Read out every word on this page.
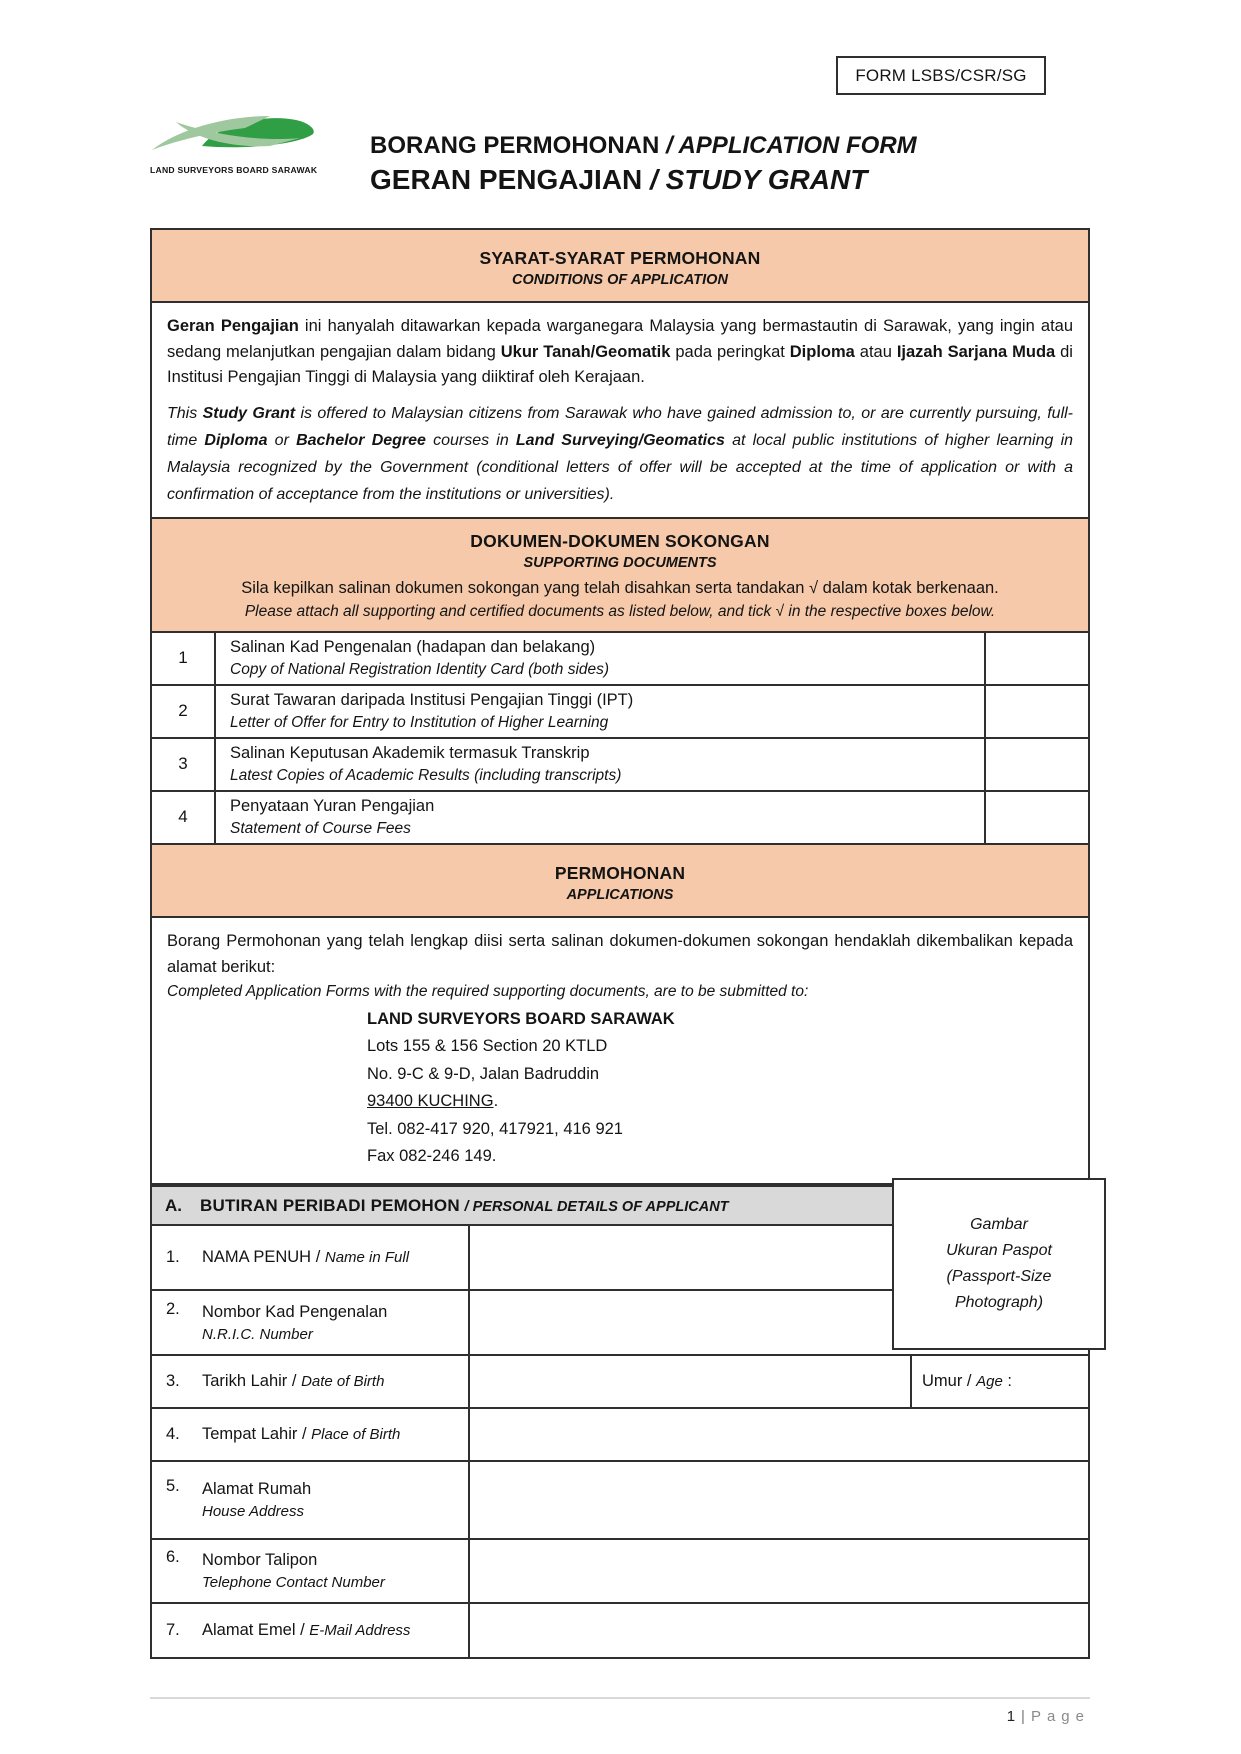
FORM LSBS/CSR/SG
LAND SURVEYORS BOARD SARAWAK
BORANG PERMOHONAN / APPLICATION FORM
GERAN PENGAJIAN / STUDY GRANT
SYARAT-SYARAT PERMOHONAN
CONDITIONS OF APPLICATION

Geran Pengajian ini hanyalah ditawarkan kepada warganegara Malaysia yang bermastautin di Sarawak, yang ingin atau sedang melanjutkan pengajian dalam bidang Ukur Tanah/Geomatik pada peringkat Diploma atau Ijazah Sarjana Muda di Institusi Pengajian Tinggi di Malaysia yang diiktiraf oleh Kerajaan.

This Study Grant is offered to Malaysian citizens from Sarawak who have gained admission to, or are currently pursuing, full-time Diploma or Bachelor Degree courses in Land Surveying/Geomatics at local public institutions of higher learning in Malaysia recognized by the Government (conditional letters of offer will be accepted at the time of application or with a confirmation of acceptance from the institutions or universities).

DOKUMEN-DOKUMEN SOKONGAN
SUPPORTING DOCUMENTS
Sila kepilkan salinan dokumen sokongan yang telah disahkan serta tandakan √ dalam kotak berkenaan.
Please attach all supporting and certified documents as listed below, and tick √ in the respective boxes below.
1
Salinan Kad Pengenalan (hadapan dan belakang)
Copy of National Registration Identity Card (both sides)
2
Surat Tawaran daripada Institusi Pengajian Tinggi (IPT)
Letter of Offer for Entry to Institution of Higher Learning
3
Salinan Keputusan Akademik termasuk Transkrip
Latest Copies of Academic Results (including transcripts)
4
Penyataan Yuran Pengajian
Statement of Course Fees
PERMOHONAN
APPLICATIONS

Borang Permohonan yang telah lengkap diisi serta salinan dokumen-dokumen sokongan hendaklah dikembalikan kepada alamat berikut:

Completed Application Forms with the required supporting documents, are to be submitted to:

LAND SURVEYORS BOARD SARAWAK
Lots 155 & 156 Section 20 KTLD
No. 9-C & 9-D, Jalan Badruddin
93400 KUCHING.
Tel. 082-417 920, 417921, 416 921
Fax 082-246 149.
A. BUTIRAN PERIBADI PEMOHON / PERSONAL DETAILS OF APPLICANT
1.	NAMA PENUH / Name in Full
2.	Nombor Kad Pengenalan
N.R.I.C. Number
3.	Tarikh Lahir / Date of Birth	Umur / Age :
4.	Tempat Lahir / Place of Birth
5.	Alamat Rumah
House Address
6.	Nombor Talipon
Telephone Contact Number
7.	Alamat Emel / E-Mail Address
Gambar
Ukuran Paspot
(Passport-Size
Photograph)
1 | Page
